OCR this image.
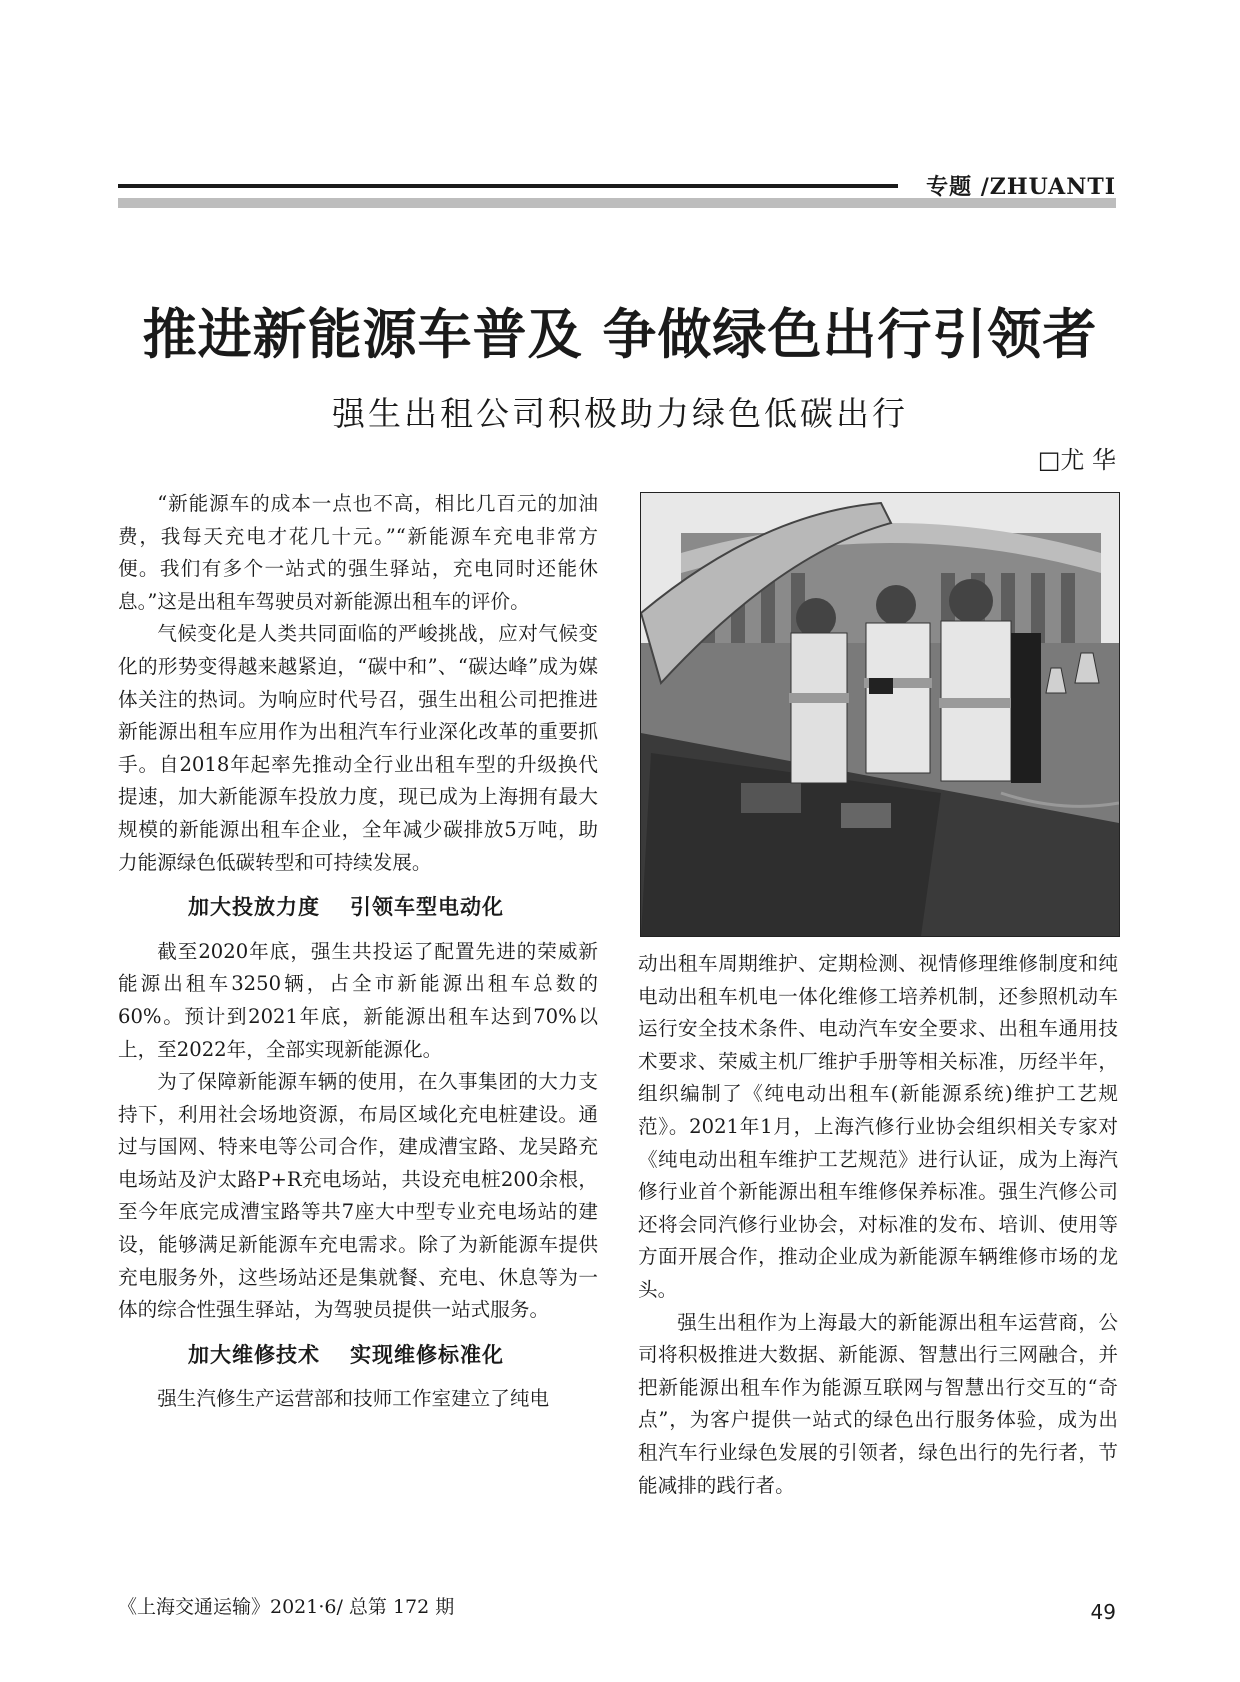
专题 /ZHUANTI
推进新能源车普及 争做绿色出行引领者
强生出租公司积极助力绿色低碳出行
□尤 华

“新能源车的成本一点也不高，相比几百元的加油费，我每天充电才花几十元。”“新能源车充电非常方便。我们有多个一站式的强生驿站，充电同时还能休息。”这是出租车驾驶员对新能源出租车的评价。

气候变化是人类共同面临的严峻挑战，应对气候变化的形势变得越来越紧迫，“碳中和”、“碳达峰”成为媒体关注的热词。为响应时代号召，强生出租公司把推进新能源出租车应用作为出租汽车行业深化改革的重要抓手。自2018年起率先推动全行业出租车型的升级换代提速，加大新能源车投放力度，现已成为上海拥有最大规模的新能源出租车企业，全年减少碳排放5万吨，助力能源绿色低碳转型和可持续发展。

加大投放力度 引领车型电动化

截至2020年底，强生共投运了配置先进的荣威新能源出租车3250辆，占全市新能源出租车总数的60%。预计到2021年底，新能源出租车达到70%以上，至2022年，全部实现新能源化。

为了保障新能源车辆的使用，在久事集团的大力支持下，利用社会场地资源，布局区域化充电桩建设。通过与国网、特来电等公司合作，建成漕宝路、龙吴路充电场站及沪太路P+R充电场站，共设充电桩200余根，至今年底完成漕宝路等共7座大中型专业充电场站的建设，能够满足新能源车充电需求。除了为新能源车提供充电服务外，这些场站还是集就餐、充电、休息等为一体的综合性强生驿站，为驾驶员提供一站式服务。

加大维修技术 实现维修标准化

强生汽修生产运营部和技师工作室建立了纯电

动出租车周期维护、定期检测、视情修理维修制度和纯电动出租车机电一体化维修工培养机制，还参照机动车运行安全技术条件、电动汽车安全要求、出租车通用技术要求、荣威主机厂维护手册等相关标准，历经半年，组织编制了《纯电动出租车(新能源系统)维护工艺规范》。2021年1月，上海汽修行业协会组织相关专家对《纯电动出租车维护工艺规范》进行认证，成为上海汽修行业首个新能源出租车维修保养标准。强生汽修公司还将会同汽修行业协会，对标准的发布、培训、使用等方面开展合作，推动企业成为新能源车辆维修市场的龙头。

强生出租作为上海最大的新能源出租车运营商，公司将积极推进大数据、新能源、智慧出行三网融合，并把新能源出租车作为能源互联网与智慧出行交互的“奇点”，为客户提供一站式的绿色出行服务体验，成为出租汽车行业绿色发展的引领者，绿色出行的先行者，节能减排的践行者。

《上海交通运输》2021·6/ 总第 172 期	49
